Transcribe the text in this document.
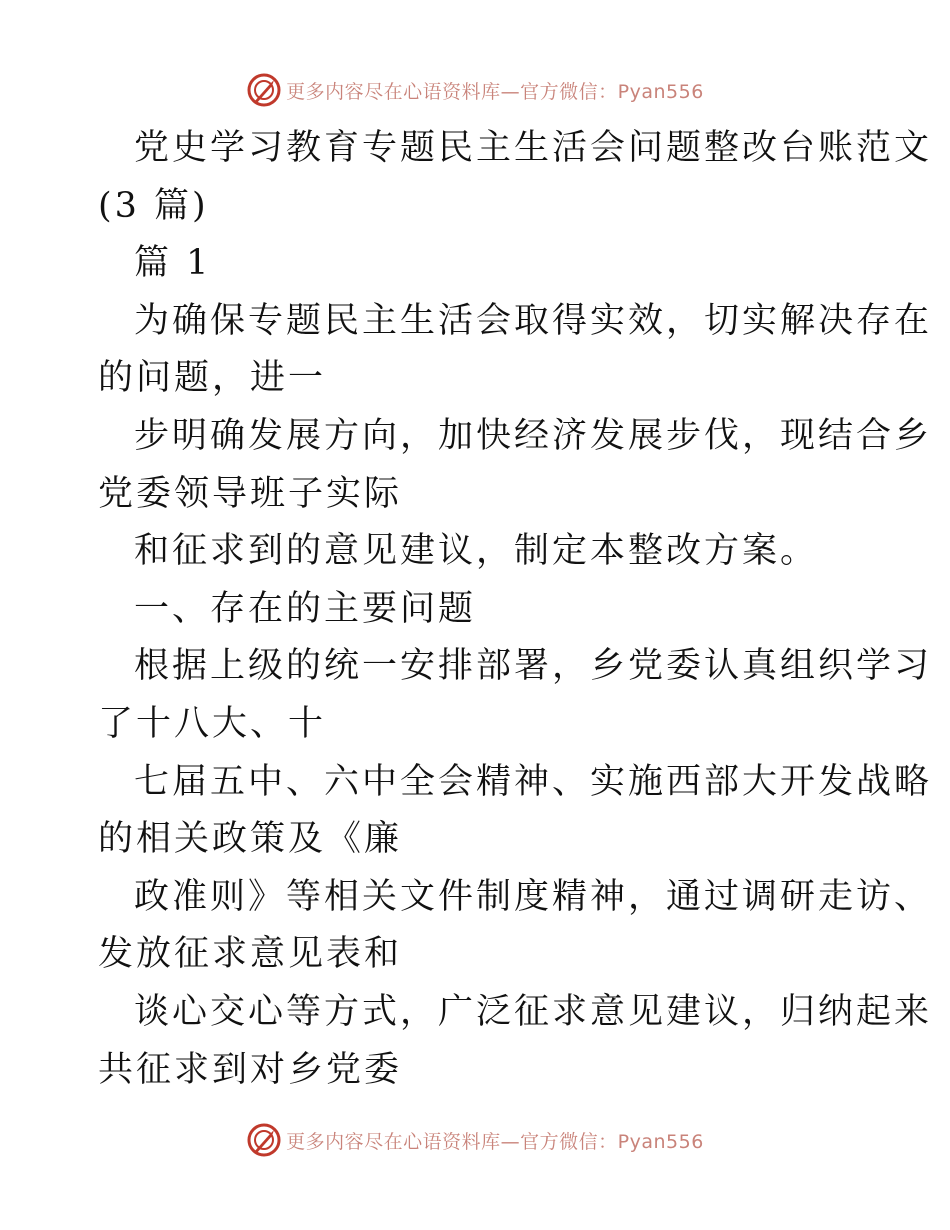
更多内容尽在心语资料库—官方微信：Pyan556
党史学习教育专题民主生活会问题整改台账范文
(3 篇)
篇 1
为确保专题民主生活会取得实效，切实解决存在
的问题，进一
步明确发展方向，加快经济发展步伐，现结合乡
党委领导班子实际
和征求到的意见建议，制定本整改方案。
一、存在的主要问题
根据上级的统一安排部署，乡党委认真组织学习
了十八大、十
七届五中、六中全会精神、实施西部大开发战略
的相关政策及《廉
政准则》等相关文件制度精神，通过调研走访、
发放征求意见表和
谈心交心等方式，广泛征求意见建议，归纳起来
共征求到对乡党委
更多内容尽在心语资料库—官方微信：Pyan556
